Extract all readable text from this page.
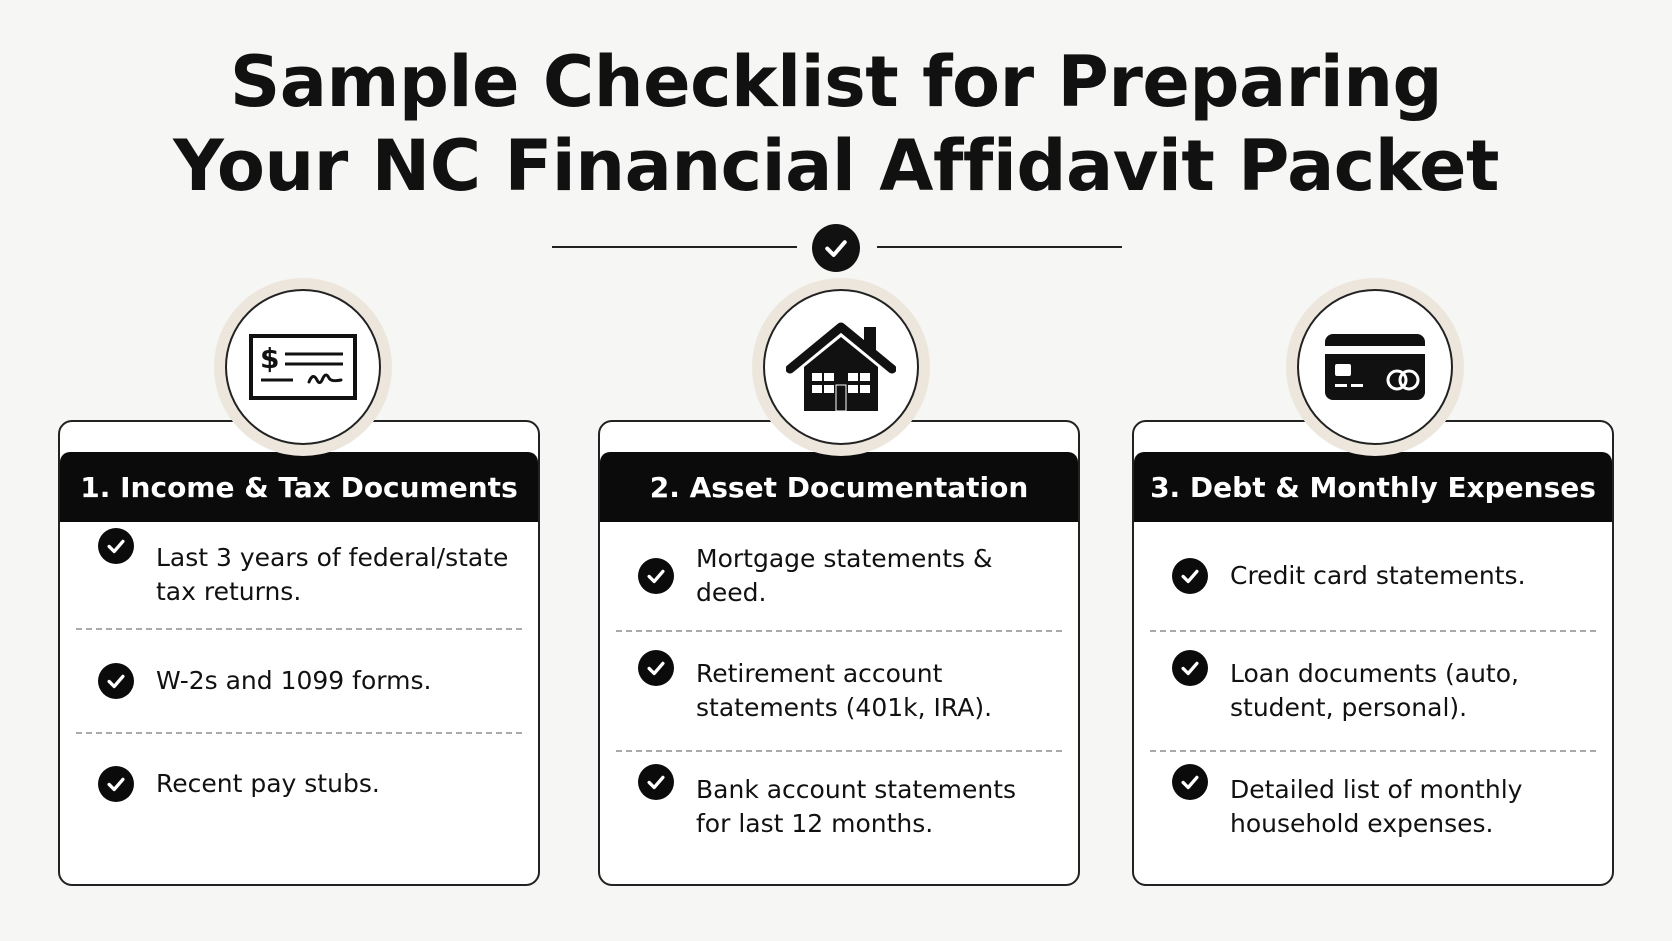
Sample Checklist for Preparing
Your NC Financial Affidavit Packet
1. Income & Tax Documents
Last 3 years of federal/state tax returns.
W-2s and 1099 forms.
Recent pay stubs.
2. Asset Documentation
Mortgage statements & deed.
Retirement account statements (401k, IRA).
Bank account statements for last 12 months.
3. Debt & Monthly Expenses
Credit card statements.
Loan documents (auto, student, personal).
Detailed list of monthly household expenses.
$
